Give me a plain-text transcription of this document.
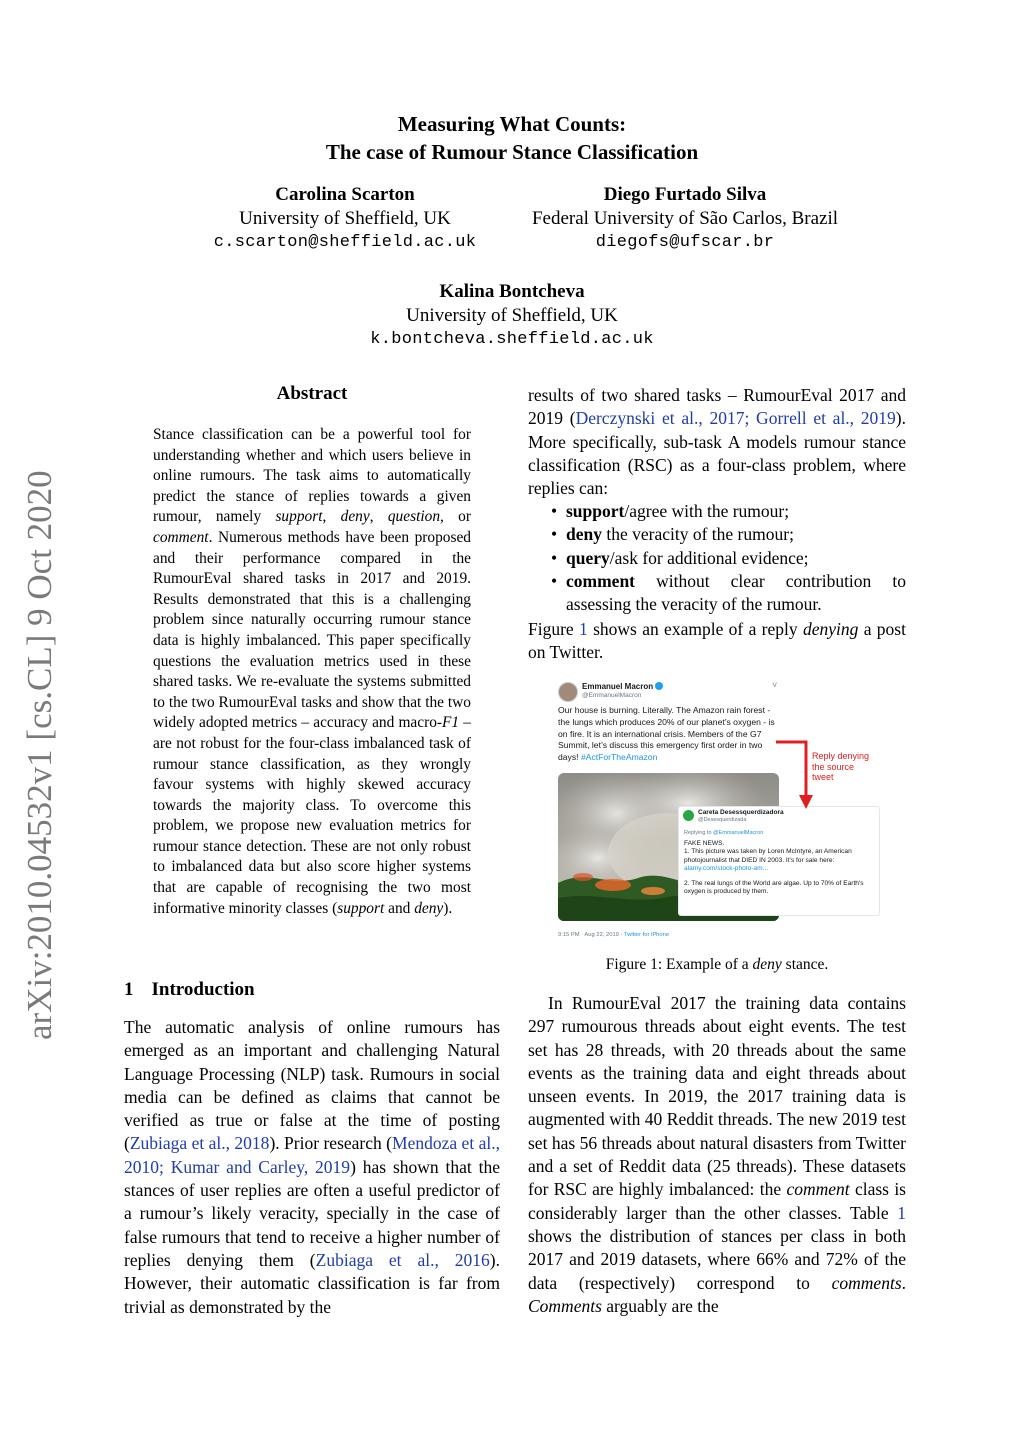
Measuring What Counts:
The case of Rumour Stance Classification
Carolina Scarton
University of Sheffield, UK
c.scarton@sheffield.ac.uk
Diego Furtado Silva
Federal University of São Carlos, Brazil
diegofs@ufscar.br
Kalina Bontcheva
University of Sheffield, UK
k.bontcheva.sheffield.ac.uk
arXiv:2010.04532v1 [cs.CL] 9 Oct 2020
Abstract
Stance classification can be a powerful tool for understanding whether and which users believe in online rumours. The task aims to automatically predict the stance of replies towards a given rumour, namely support, deny, question, or comment. Numerous methods have been proposed and their performance compared in the RumourEval shared tasks in 2017 and 2019. Results demonstrated that this is a challenging problem since naturally occurring rumour stance data is highly imbalanced. This paper specifically questions the evaluation metrics used in these shared tasks. We re-evaluate the systems submitted to the two RumourEval tasks and show that the two widely adopted metrics – accuracy and macro-F1 – are not robust for the four-class imbalanced task of rumour stance classification, as they wrongly favour systems with highly skewed accuracy towards the majority class. To overcome this problem, we propose new evaluation metrics for rumour stance detection. These are not only robust to imbalanced data but also score higher systems that are capable of recognising the two most informative minority classes (support and deny).
1 Introduction
The automatic analysis of online rumours has emerged as an important and challenging Natural Language Processing (NLP) task. Rumours in social media can be defined as claims that cannot be verified as true or false at the time of posting (Zubiaga et al., 2018). Prior research (Mendoza et al., 2010; Kumar and Carley, 2019) has shown that the stances of user replies are often a useful predictor of a rumour’s likely veracity, specially in the case of false rumours that tend to receive a higher number of replies denying them (Zubiaga et al., 2016). However, their automatic classification is far from trivial as demonstrated by the
results of two shared tasks – RumourEval 2017 and 2019 (Derczynski et al., 2017; Gorrell et al., 2019). More specifically, sub-task A models rumour stance classification (RSC) as a four-class problem, where replies can:
• support/agree with the rumour;
• deny the veracity of the rumour;
• query/ask for additional evidence;
• comment without clear contribution to assessing the veracity of the rumour.
Figure 1 shows an example of a reply denying a post on Twitter.
Emmanuel Macron
@EmmanuelMacron
˅
Our house is burning. Literally. The Amazon rain forest - the lungs which produces 20% of our planet’s oxygen - is on fire. It is an international crisis. Members of the G7 Summit, let’s discuss this emergency first order in two days! #ActForTheAmazon
Careta Desessquerdizadora
@Desesquerdizada
Replying to @EmmanuelMacron
FAKE NEWS.
1. This picture was taken by Loren McIntyre, an American photojournalist that DIED IN 2003. It's for sale here: alamy.com/stock-photo-am...
2. The real lungs of the World are algae. Up to 70% of Earth's oxygen is produced by them.
9:15 PM · Aug 22, 2019 · Twitter for iPhone
Reply denying
the source
tweet
Figure 1: Example of a deny stance.

In RumourEval 2017 the training data contains 297 rumourous threads about eight events. The test set has 28 threads, with 20 threads about the same events as the training data and eight threads about unseen events. In 2019, the 2017 training data is augmented with 40 Reddit threads. The new 2019 test set has 56 threads about natural disasters from Twitter and a set of Reddit data (25 threads). These datasets for RSC are highly imbalanced: the comment class is considerably larger than the other classes. Table 1 shows the distribution of stances per class in both 2017 and 2019 datasets, where 66% and 72% of the data (respectively) correspond to comments. Comments arguably are the
